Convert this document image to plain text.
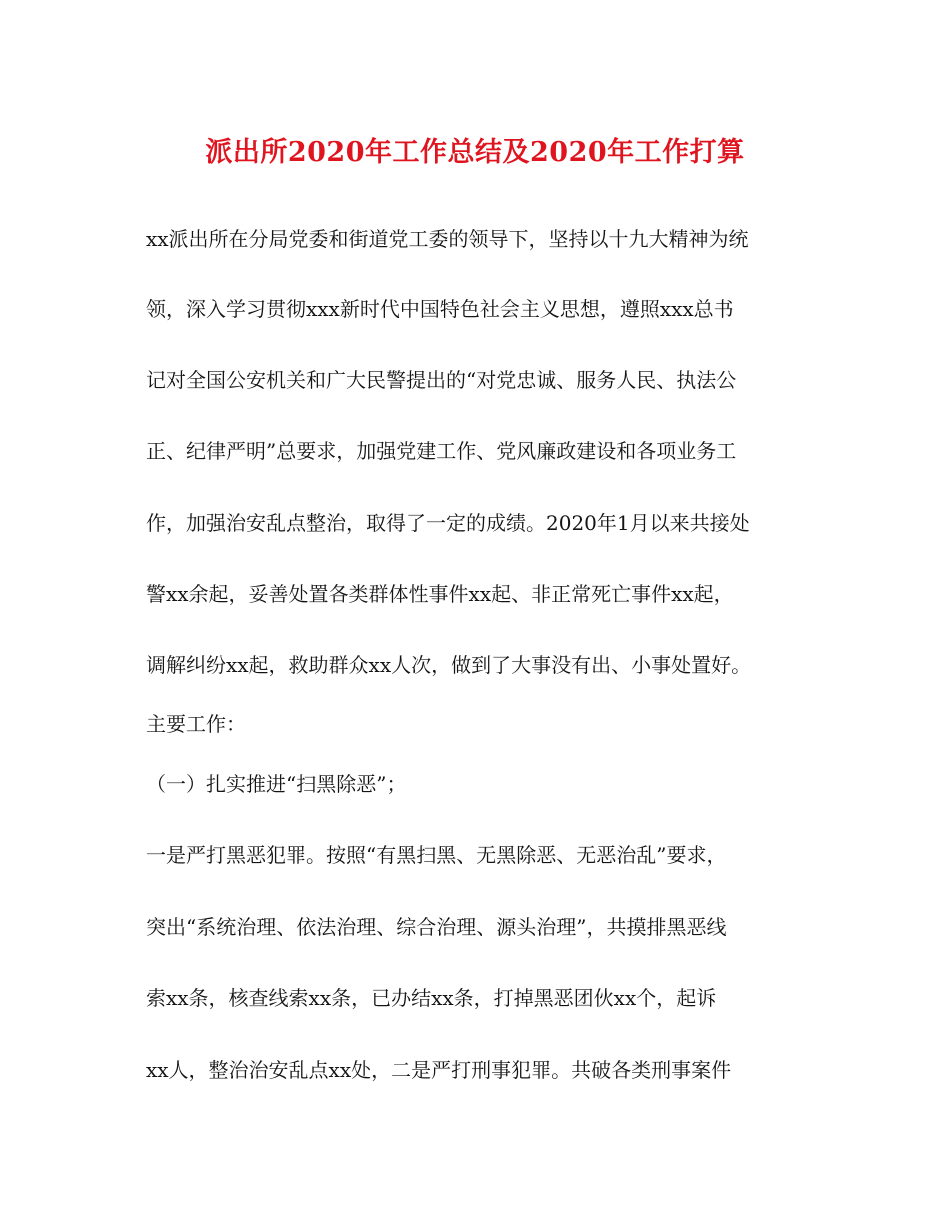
派出所2020年工作总结及2020年工作打算
xx派出所在分局党委和街道党工委的领导下，坚持以十九大精神为统
领，深入学习贯彻xxx新时代中国特色社会主义思想，遵照xxx总书
记对全国公安机关和广大民警提出的“对党忠诚、服务人民、执法公
正、纪律严明”总要求，加强党建工作、党风廉政建设和各项业务工
作，加强治安乱点整治，取得了一定的成绩。2020年1月以来共接处
警xx余起，妥善处置各类群体性事件xx起、非正常死亡事件xx起，
调解纠纷xx起，救助群众xx人次，做到了大事没有出、小事处置好。
主要工作：
（一）扎实推进“扫黑除恶”；
一是严打黑恶犯罪。按照“有黑扫黑、无黑除恶、无恶治乱”要求，
突出“系统治理、依法治理、综合治理、源头治理”，共摸排黑恶线
索xx条，核查线索xx条，已办结xx条，打掉黑恶团伙xx个，起诉
xx人，整治治安乱点xx处，二是严打刑事犯罪。共破各类刑事案件
